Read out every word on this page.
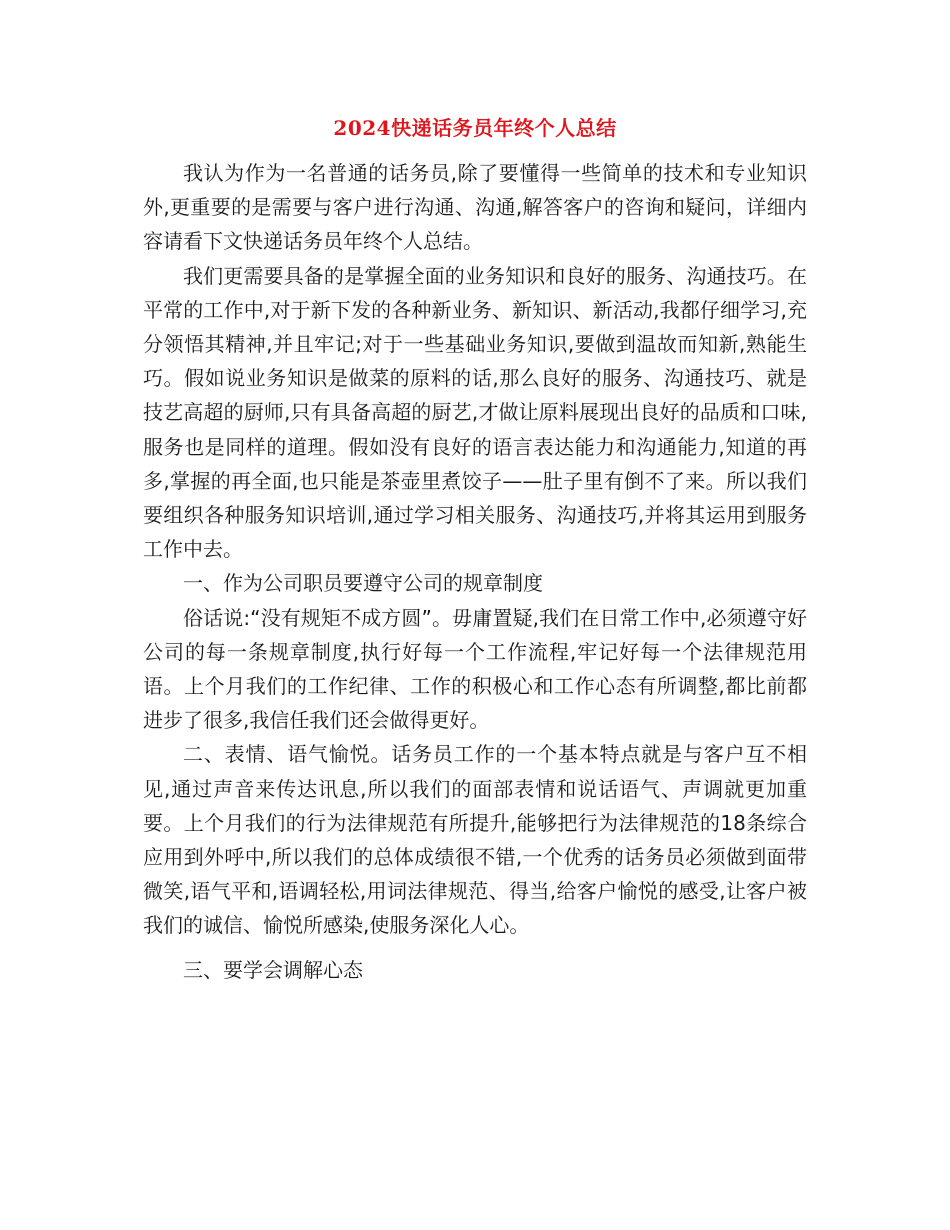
2024快递话务员年终个人总结

我认为作为一名普通的话务员,除了要懂得一些简单的技术和专业知识外,更重要的是需要与客户进行沟通、沟通,解答客户的咨询和疑问，详细内容请看下文快递话务员年终个人总结。

我们更需要具备的是掌握全面的业务知识和良好的服务、沟通技巧。在平常的工作中,对于新下发的各种新业务、新知识、新活动,我都仔细学习,充分领悟其精神,并且牢记;对于一些基础业务知识,要做到温故而知新,熟能生巧。假如说业务知识是做菜的原料的话,那么良好的服务、沟通技巧、就是技艺高超的厨师,只有具备高超的厨艺,才做让原料展现出良好的品质和口味,服务也是同样的道理。假如没有良好的语言表达能力和沟通能力,知道的再多,掌握的再全面,也只能是茶壶里煮饺子——肚子里有倒不了来。所以我们要组织各种服务知识培训,通过学习相关服务、沟通技巧,并将其运用到服务工作中去。

一、作为公司职员要遵守公司的规章制度

俗话说:“没有规矩不成方圆”。毋庸置疑,我们在日常工作中,必须遵守好公司的每一条规章制度,执行好每一个工作流程,牢记好每一个法律规范用语。上个月我们的工作纪律、工作的积极心和工作心态有所调整,都比前都进步了很多,我信任我们还会做得更好。

二、表情、语气愉悦。话务员工作的一个基本特点就是与客户互不相见,通过声音来传达讯息,所以我们的面部表情和说话语气、声调就更加重要。上个月我们的行为法律规范有所提升,能够把行为法律规范的18条综合应用到外呼中,所以我们的总体成绩很不错,一个优秀的话务员必须做到面带微笑,语气平和,语调轻松,用词法律规范、得当,给客户愉悦的感受,让客户被我们的诚信、愉悦所感染,使服务深化人心。

三、要学会调解心态
